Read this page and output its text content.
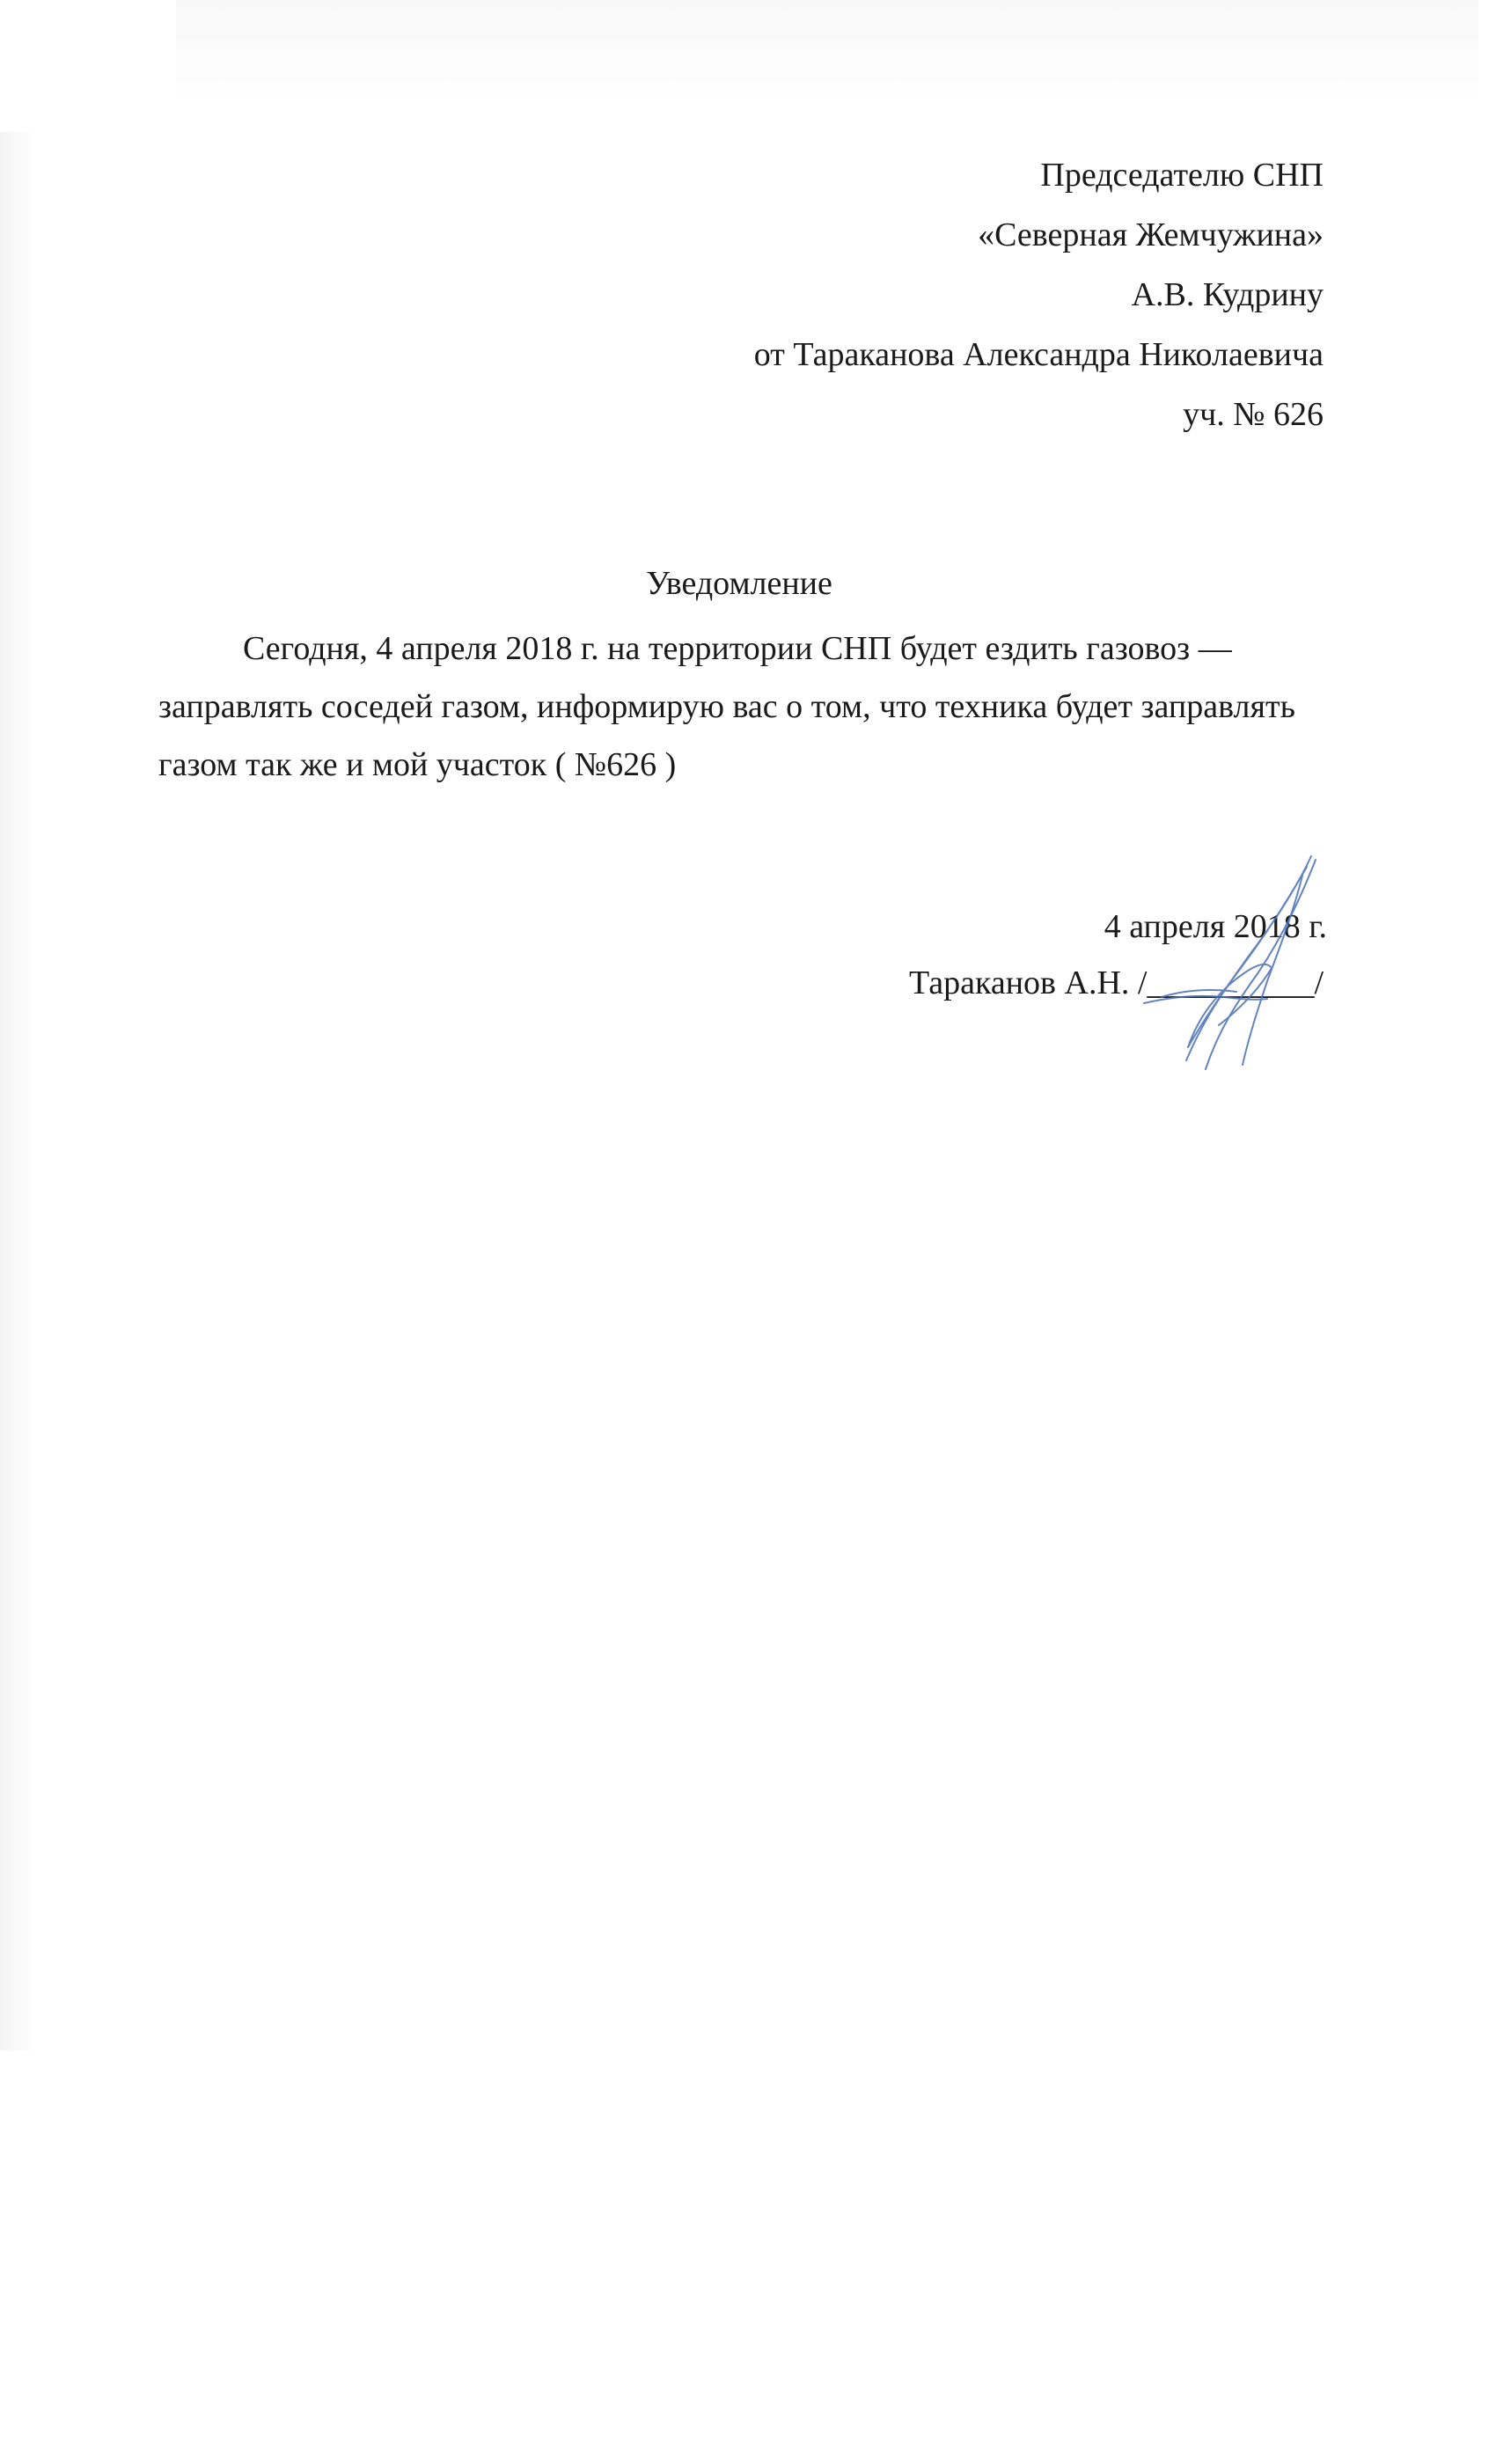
Председателю СНП
«Северная Жемчужина»
А.В. Кудрину
от Тараканова Александра Николаевича
уч. № 626
Уведомление
Сегодня, 4 апреля 2018 г. на территории СНП будет ездить газовоз —
заправлять соседей газом, информирую вас о том, что техника будет заправлять
газом так же и мой участок ( №626 )
4 апреля 2018 г.
Тараканов А.Н. /__________/
